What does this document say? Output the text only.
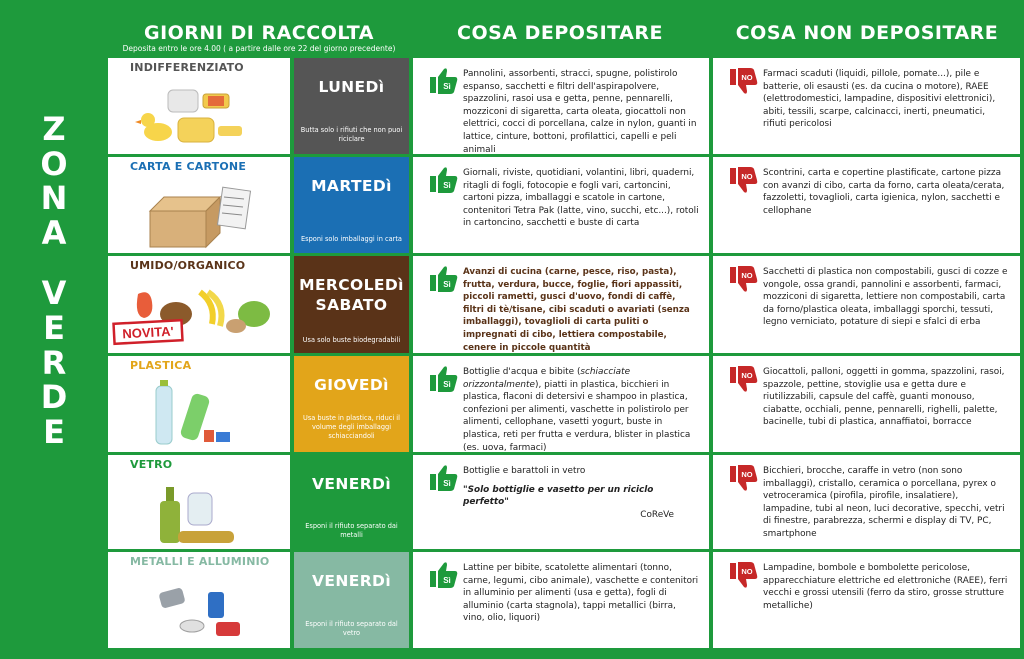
Z
O
N
A
V
E
R
D
E
GIORNI DI RACCOLTA
Deposita entro le ore 4.00 ( a partire dalle ore 22 del giorno precedente)
COSA DEPOSITARE	COSA NON DEPOSITARE
INDIFFERENZIATO
LUNEDì
Butta solo i rifiuti che non puoi riciclare
Sì
Pannolini, assorbenti, stracci, spugne, polistirolo espanso, sacchetti e filtri dell'aspirapolvere, spazzolini, rasoi usa e getta, penne, pennarelli, mozziconi di sigaretta, carta oleata, giocattoli non elettrici, cocci di porcellana, calze in nylon, guanti in lattice, cinture, bottoni, profilattici, capelli e peli animali
NO Farmaci scaduti (liquidi, pillole, pomate...), pile e batterie, oli esausti (es. da cucina o motore), RAEE (elettrodomestici, lampadine, dispositivi elettronici), abiti, tessili, scarpe, calcinacci, inerti, pneumatici, rifiuti pericolosi
CARTA E CARTONE
MARTEDì
Esponi solo imballaggi in carta
Sì
Giornali, riviste, quotidiani, volantini, libri, quaderni, ritagli di fogli, fotocopie e fogli vari, cartoncini, cartoni pizza, imballaggi e scatole in cartone, contenitori Tetra Pak (latte, vino, succhi, etc...), rotoli in cartoncino, sacchetti e buste di carta
NO Scontrini, carta e copertine plastificate, cartone pizza con avanzi di cibo, carta da forno, carta oleata/cerata, fazzoletti, tovaglioli, carta igienica, nylon, sacchetti e cellophane
UMIDO/ORGANICO
NOVITA'
MERCOLEDì
SABATO
Usa solo buste biodegradabili
Sì
Avanzi di cucina (carne, pesce, riso, pasta), frutta, verdura, bucce, foglie, fiori appassiti, piccoli rametti, gusci d'uovo, fondi di caffè, filtri di tè/tisane, cibi scaduti o avariati (senza imballaggi), tovaglioli di carta puliti o impregnati di cibo, lettiera compostabile, cenere in piccole quantità
NO Sacchetti di plastica non compostabili, gusci di cozze e vongole, ossa grandi, pannolini e assorbenti, farmaci, mozziconi di sigaretta, lettiere non compostabili, carta da forno/plastica oleata, imballaggi sporchi, tessuti, legno verniciato, potature di siepi e sfalci di erba
PLASTICA
GIOVEDì
Usa buste in plastica, riduci il volume degli imballaggi schiacciandoli
Sì
Bottiglie d'acqua e bibite (schiacciate orizzontalmente), piatti in plastica, bicchieri in plastica, flaconi di detersivi e shampoo in plastica, confezioni per alimenti, vaschette in polistirolo per alimenti, cellophane, vasetti yogurt, buste in plastica, reti per frutta e verdura, blister in plastica (es. uova, farmaci)
NO Giocattoli, palloni, oggetti in gomma, spazzolini, rasoi, spazzole, pettine, stoviglie usa e getta dure e riutilizzabili, capsule del caffè, guanti monouso, ciabatte, occhiali, penne, pennarelli, righelli, palette, bacinelle, tubi di plastica, annaffiatoi, borracce
VETRO
VENERDì
Esponi il rifiuto separato dai metalli
Sì
Bottiglie e barattoli in vetro
"Solo bottiglie e vasetto per un riciclo perfetto"
CoReVe
NO Bicchieri, brocche, caraffe in vetro (non sono imballaggi), cristallo, ceramica o porcellana, pyrex o vetroceramica (pirofila, pirofile, insalatiere), lampadine, tubi al neon, luci decorative, specchi, vetri di finestre, parabrezza, schermi e display di TV, PC, smartphone
METALLI E ALLUMINIO
VENERDì
Esponi il rifiuto separato dal vetro
Sì
Lattine per bibite, scatolette alimentari (tonno, carne, legumi, cibo animale), vaschette e contenitori in alluminio per alimenti (usa e getta), fogli di alluminio (carta stagnola), tappi metallici (birra, vino, olio, liquori)
NO Lampadine, bombole e bombolette pericolose, apparecchiature elettriche ed elettroniche (RAEE), ferri vecchi e grossi utensili (ferro da stiro, grosse strutture metalliche)
